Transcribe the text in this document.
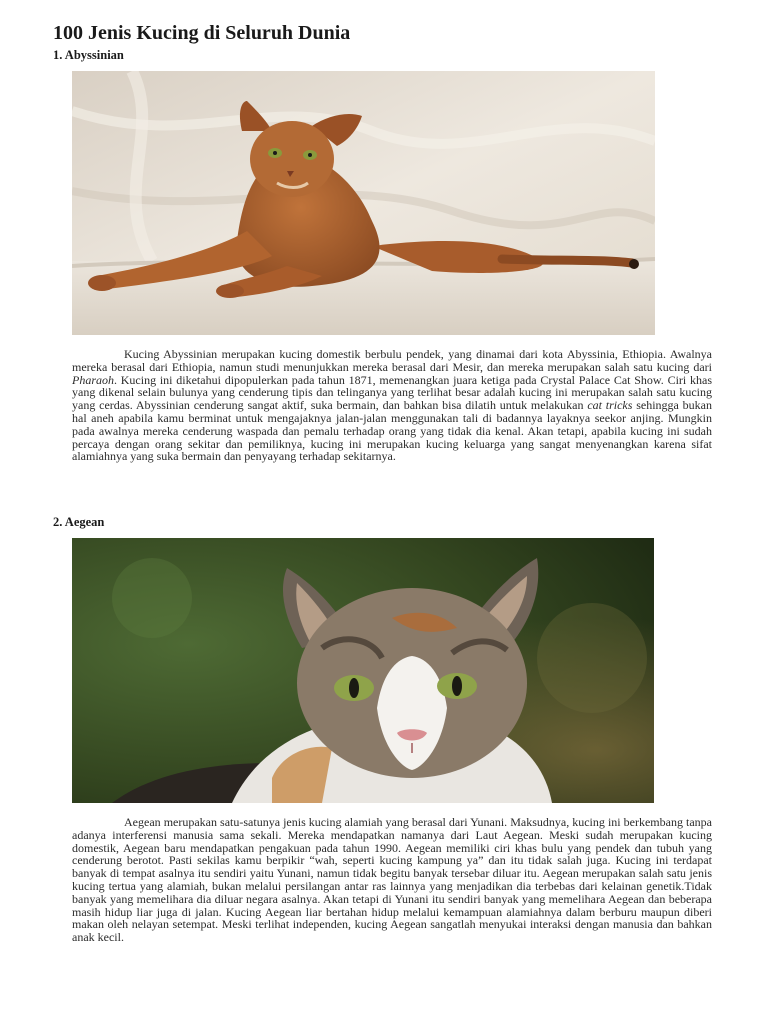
100 Jenis Kucing di Seluruh Dunia
1. Abyssinian

Kucing Abyssinian merupakan kucing domestik berbulu pendek, yang dinamai dari kota Abyssinia, Ethiopia. Awalnya mereka berasal dari Ethiopia, namun studi menunjukkan mereka berasal dari Mesir, dan mereka merupakan salah satu kucing dari Pharaoh. Kucing ini diketahui dipopulerkan pada tahun 1871, memenangkan juara ketiga pada Crystal Palace Cat Show. Ciri khas yang dikenal selain bulunya yang cenderung tipis dan telinganya yang terlihat besar adalah kucing ini merupakan salah satu kucing yang cerdas. Abyssinian cenderung sangat aktif, suka bermain, dan bahkan bisa dilatih untuk melakukan cat tricks sehingga bukan hal aneh apabila kamu berminat untuk mengajaknya jalan-jalan menggunakan tali di badannya layaknya seekor anjing. Mungkin pada awalnya mereka cenderung waspada dan pemalu terhadap orang yang tidak dia kenal. Akan tetapi, apabila kucing ini sudah percaya dengan orang sekitar dan pemiliknya, kucing ini merupakan kucing keluarga yang sangat menyenangkan karena sifat alamiahnya yang suka bermain dan penyayang terhadap sekitarnya.

2. Aegean

Aegean merupakan satu-satunya jenis kucing alamiah yang berasal dari Yunani. Maksudnya, kucing ini berkembang tanpa adanya interferensi manusia sama sekali. Mereka mendapatkan namanya dari Laut Aegean. Meski sudah merupakan kucing domestik, Aegean baru mendapatkan pengakuan pada tahun 1990. Aegean memiliki ciri khas bulu yang pendek dan tubuh yang cenderung berotot. Pasti sekilas kamu berpikir “wah, seperti kucing kampung ya” dan itu tidak salah juga. Kucing ini terdapat banyak di tempat asalnya itu sendiri yaitu Yunani, namun tidak begitu banyak tersebar diluar itu. Aegean merupakan salah satu jenis kucing tertua yang alamiah, bukan melalui persilangan antar ras lainnya yang menjadikan dia terbebas dari kelainan genetik.Tidak banyak yang memelihara dia diluar negara asalnya. Akan tetapi di Yunani itu sendiri banyak yang memelihara Aegean dan beberapa masih hidup liar juga di jalan. Kucing Aegean liar bertahan hidup melalui kemampuan alamiahnya dalam berburu maupun diberi makan oleh nelayan setempat. Meski terlihat independen, kucing Aegean sangatlah menyukai interaksi dengan manusia dan bahkan anak kecil.
